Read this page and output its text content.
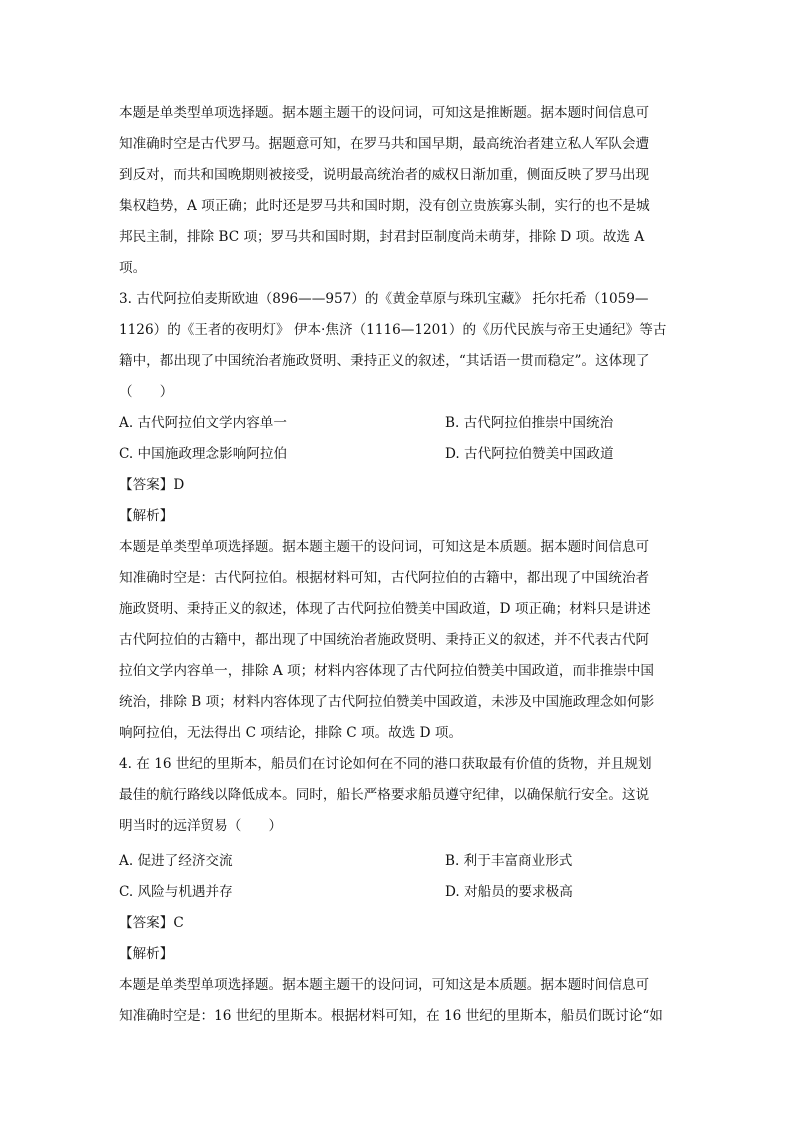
本题是单类型单项选择题。据本题主题干的设问词，可知这是推断题。据本题时间信息可
知准确时空是古代罗马。据题意可知，在罗马共和国早期，最高统治者建立私人军队会遭
到反对，而共和国晚期则被接受，说明最高统治者的威权日渐加重，侧面反映了罗马出现
集权趋势，A 项正确；此时还是罗马共和国时期，没有创立贵族寡头制，实行的也不是城
邦民主制，排除 BC 项；罗马共和国时期，封君封臣制度尚未萌芽，排除 D 项。故选 A
项。
3. 古代阿拉伯麦斯欧迪（896——957）的《黄金草原与珠玑宝藏》 托尔托希（1059—
1126）的《王者的夜明灯》 伊本·焦济（1116—1201）的《历代民族与帝王史通纪》等古
籍中，都出现了中国统治者施政贤明、秉持正义的叙述，“其话语一贯而稳定”。这体现了
（　　）
A. 古代阿拉伯文学内容单一	B. 古代阿拉伯推崇中国统治
C. 中国施政理念影响阿拉伯	D. 古代阿拉伯赞美中国政道
【答案】D
【解析】
本题是单类型单项选择题。据本题主题干的设问词，可知这是本质题。据本题时间信息可
知准确时空是：古代阿拉伯。根据材料可知，古代阿拉伯的古籍中，都出现了中国统治者
施政贤明、秉持正义的叙述，体现了古代阿拉伯赞美中国政道，D 项正确；材料只是讲述
古代阿拉伯的古籍中，都出现了中国统治者施政贤明、秉持正义的叙述，并不代表古代阿
拉伯文学内容单一，排除 A 项；材料内容体现了古代阿拉伯赞美中国政道，而非推崇中国
统治，排除 B 项；材料内容体现了古代阿拉伯赞美中国政道，未涉及中国施政理念如何影
响阿拉伯，无法得出 C 项结论，排除 C 项。故选 D 项。
4. 在 16 世纪的里斯本，船员们在讨论如何在不同的港口获取最有价值的货物，并且规划
最佳的航行路线以降低成本。同时，船长严格要求船员遵守纪律，以确保航行安全。这说
明当时的远洋贸易（　　）
A. 促进了经济交流	B. 利于丰富商业形式
C. 风险与机遇并存	D. 对船员的要求极高
【答案】C
【解析】
本题是单类型单项选择题。据本题主题干的设问词，可知这是本质题。据本题时间信息可
知准确时空是：16 世纪的里斯本。根据材料可知，在 16 世纪的里斯本，船员们既讨论“如
